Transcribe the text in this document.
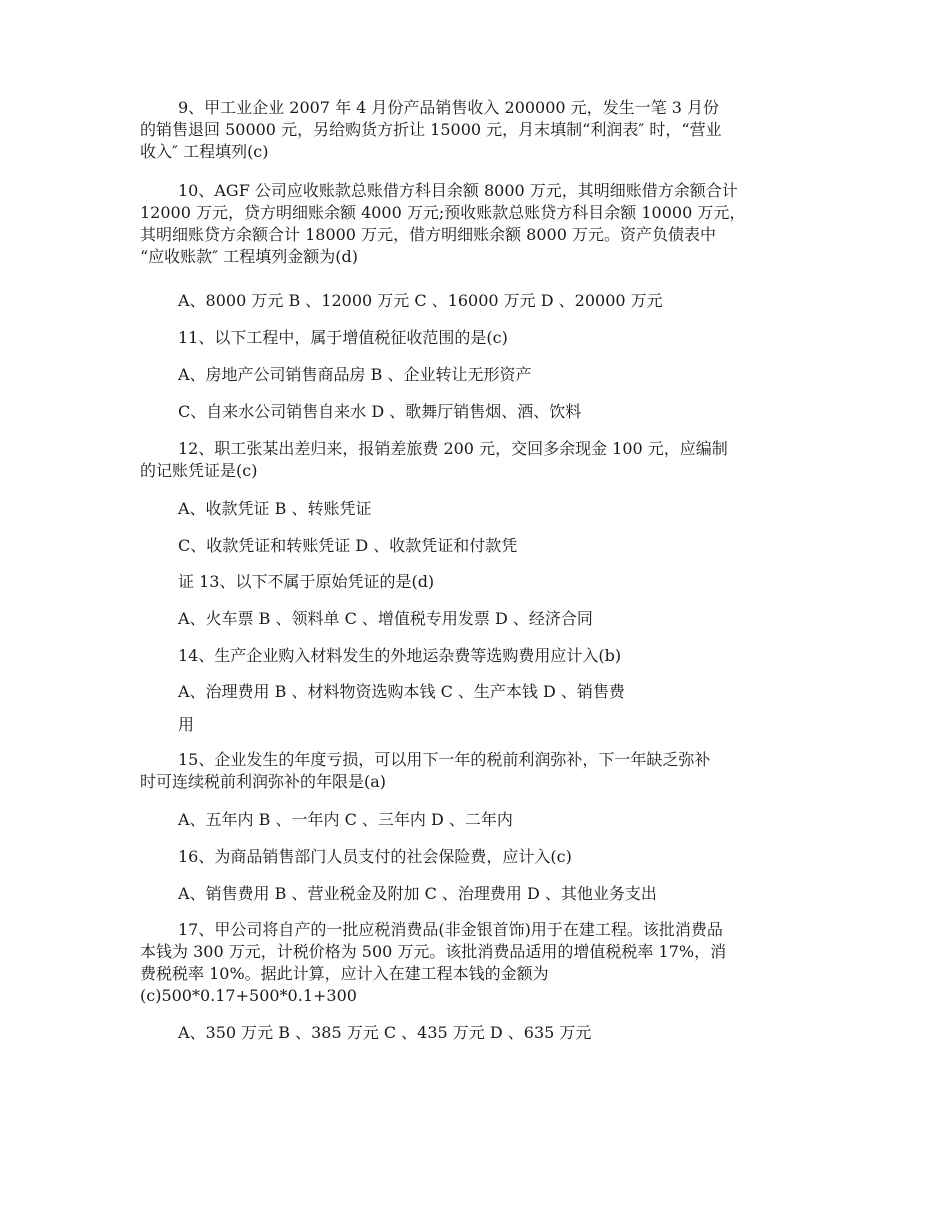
9、甲工业企业 2007 年 4 月份产品销售收入 200000 元，发生一笔 3 月份
的销售退回 50000 元，另给购货方折让 15000 元，月末填制“利润表″ 时，“营业
收入″ 工程填列(c)
10、AGF 公司应收账款总账借方科目余额 8000 万元，其明细账借方余额合计
12000 万元，贷方明细账余额 4000 万元;预收账款总账贷方科目余额 10000 万元，
其明细账贷方余额合计 18000 万元，借方明细账余额 8000 万元。资产负债表中
“应收账款″ 工程填列金额为(d)
A、8000 万元 B 、12000 万元 C 、16000 万元 D 、20000 万元
11、以下工程中，属于增值税征收范围的是(c)
A、房地产公司销售商品房 B 、企业转让无形资产
C、自来水公司销售自来水 D 、歌舞厅销售烟、酒、饮料
12、职工张某出差归来，报销差旅费 200 元，交回多余现金 100 元，应编制
的记账凭证是(c)
A、收款凭证 B 、转账凭证
C、收款凭证和转账凭证 D 、收款凭证和付款凭
证 13、以下不属于原始凭证的是(d)
A、火车票 B 、领料单 C 、增值税专用发票 D 、经济合同
14、生产企业购入材料发生的外地运杂费等选购费用应计入(b)
A、治理费用 B 、材料物资选购本钱 C 、生产本钱 D 、销售费
用
15、企业发生的年度亏损，可以用下一年的税前利润弥补，下一年缺乏弥补
时可连续税前利润弥补的年限是(a)
A、五年内 B 、一年内 C 、三年内 D 、二年内
16、为商品销售部门人员支付的社会保险费，应计入(c)
A、销售费用 B 、营业税金及附加 C 、治理费用 D 、其他业务支出
17、甲公司将自产的一批应税消费品(非金银首饰)用于在建工程。该批消费品
本钱为 300 万元，计税价格为 500 万元。该批消费品适用的增值税税率 17%，消
费税税率 10%。据此计算，应计入在建工程本钱的金额为
(c)500*0.17+500*0.1+300
A、350 万元 B 、385 万元 C 、435 万元 D 、635 万元
